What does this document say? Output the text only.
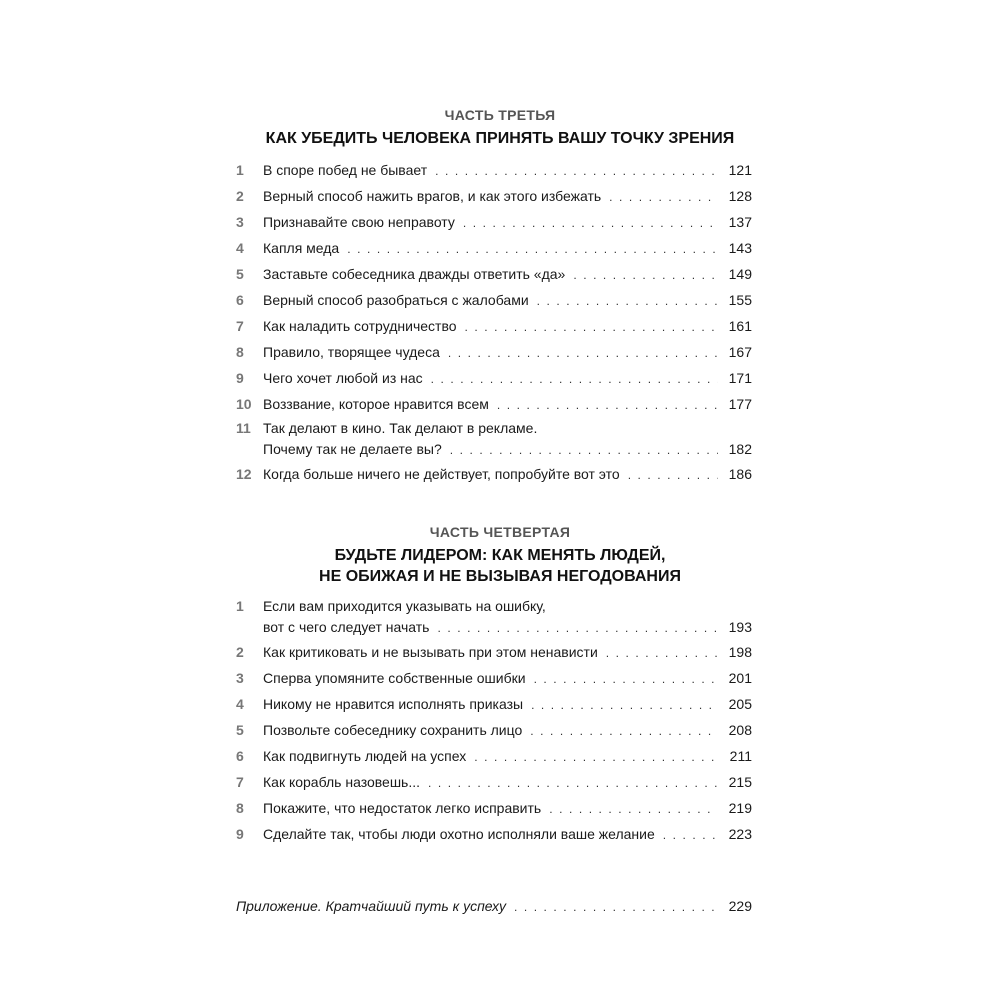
ЧАСТЬ ТРЕТЬЯ
КАК УБЕДИТЬ ЧЕЛОВЕКА ПРИНЯТЬ ВАШУ ТОЧКУ ЗРЕНИЯ
1	В споре побед не бывает . . .	121
2	Верный способ нажить врагов, и как этого избежать . . .	128
3	Признавайте свою неправоту . . .	137
4	Капля меда . . .	143
5	Заставьте собеседника дважды ответить «да» . . .	149
6	Верный способ разобраться с жалобами . . .	155
7	Как наладить сотрудничество . . .	161
8	Правило, творящее чудеса . . .	167
9	Чего хочет любой из нас . . .	171
10 Воззвание, которое нравится всем . . .	177
11 Так делают в кино. Так делают в рекламе.
Почему так не делаете вы? . . .	182
12 Когда больше ничего не действует, попробуйте вот это . . .	186
ЧАСТЬ ЧЕТВЕРТАЯ
БУДЬТЕ ЛИДЕРОМ: КАК МЕНЯТЬ ЛЮДЕЙ,
НЕ ОБИЖАЯ И НЕ ВЫЗЫВАЯ НЕГОДОВАНИЯ
1	Если вам приходится указывать на ошибку,
вот с чего следует начать . . .	193
2	Как критиковать и не вызывать при этом ненависти . . .	198
3	Сперва упомяните собственные ошибки . . .	201
4	Никому не нравится исполнять приказы . . .	205
5	Позвольте собеседнику сохранить лицо . . .	208
6	Как подвигнуть людей на успех . . .	211
7	Как корабль назовешь... . . .	215
8	Покажите, что недостаток легко исправить . . .	219
9	Сделайте так, чтобы люди охотно исполняли ваше желание . . .	223
Приложение. Кратчайший путь к успеху . . .	229
